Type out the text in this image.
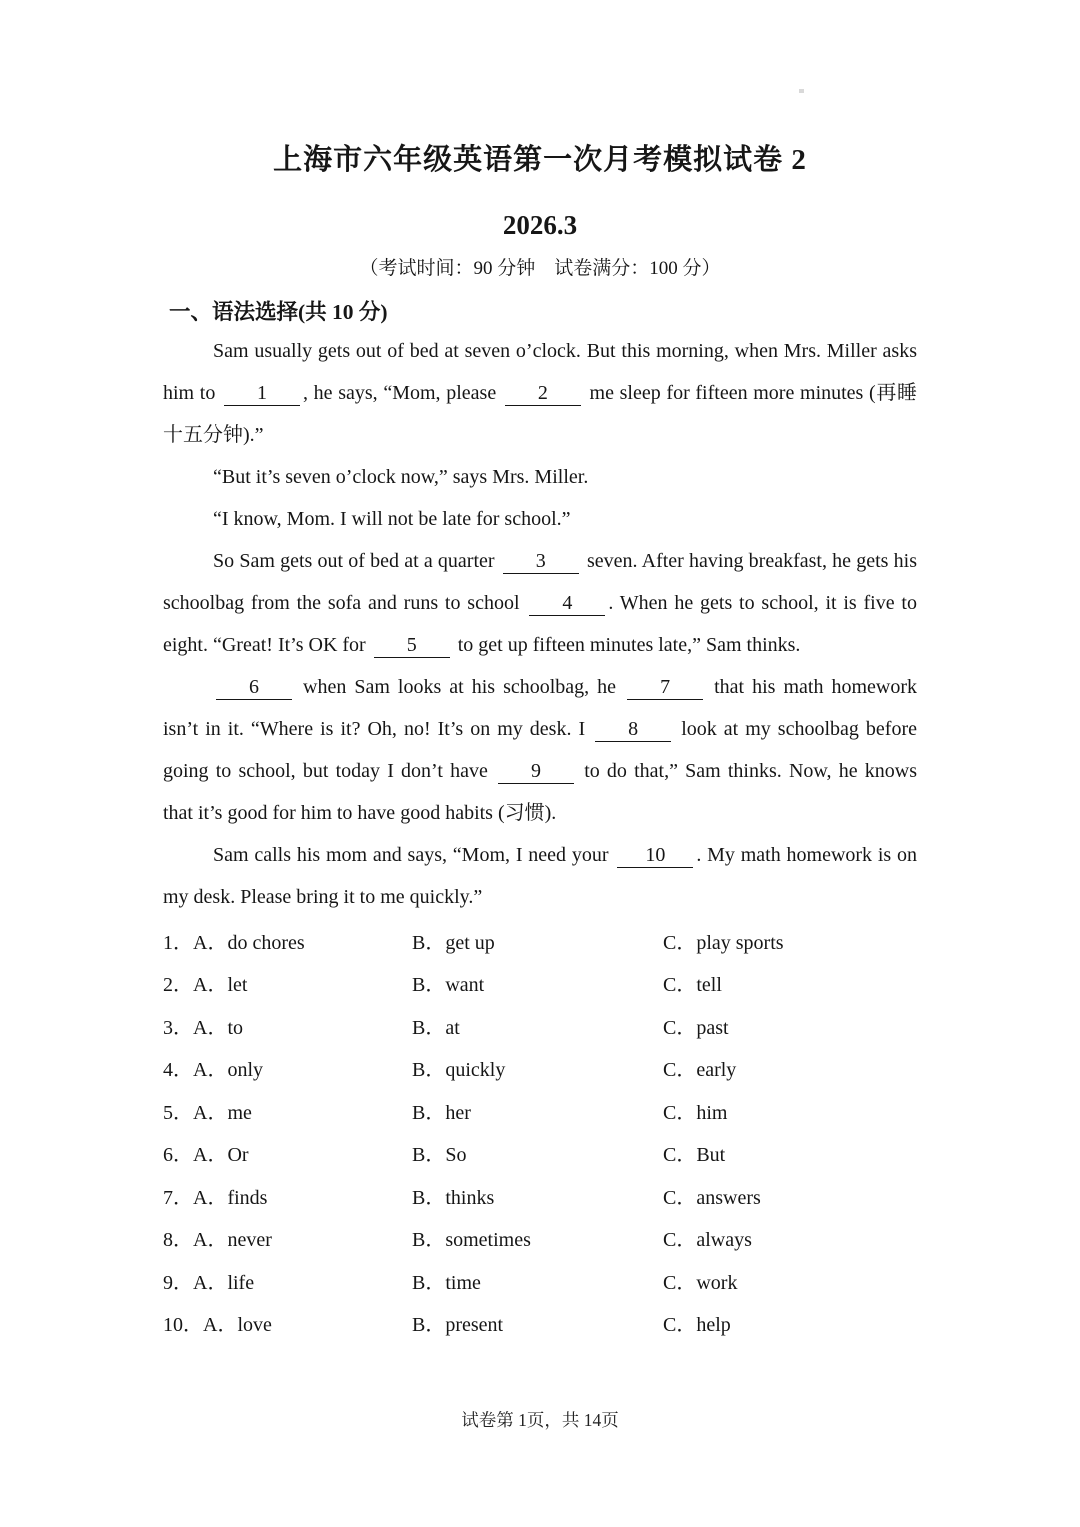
上海市六年级英语第一次月考模拟试卷 2
2026.3
（考试时间：90 分钟　试卷满分：100 分）
一、语法选择(共 10 分)

Sam usually gets out of bed at seven o’clock. But this morning, when Mrs. Miller asks him to 1 , he says, “Mom, please 2 me sleep for fifteen more minutes (再睡十五分钟).”

“But it’s seven o’clock now,” says Mrs. Miller.

“I know, Mom. I will not be late for school.”

So Sam gets out of bed at a quarter 3 seven. After having breakfast, he gets his schoolbag from the sofa and runs to school 4 . When he gets to school, it is five to eight. “Great! It’s OK for 5 to get up fifteen minutes late,” Sam thinks.

6 when Sam looks at his schoolbag, he 7 that his math homework isn’t in it. “Where is it? Oh, no! It’s on my desk. I 8 look at my schoolbag before going to school, but today I don’t have 9 to do that,” Sam thinks. Now, he knows that it’s good for him to have good habits (习惯).

Sam calls his mom and says, “Mom, I need your 10 . My math homework is on my desk. Please bring it to me quickly.”

1．A．do chores	B．get up	C．play sports
2．A．let	B．want	C．tell
3．A．to	B．at	C．past
4．A．only	B．quickly	C．early
5．A．me	B．her	C．him
6．A．Or	B．So	C．But
7．A．finds	B．thinks	C．answers
8．A．never	B．sometimes	C．always
9．A．life	B．time	C．work
10．A．love	B．present	C．help
试卷第 1页，共 14页
